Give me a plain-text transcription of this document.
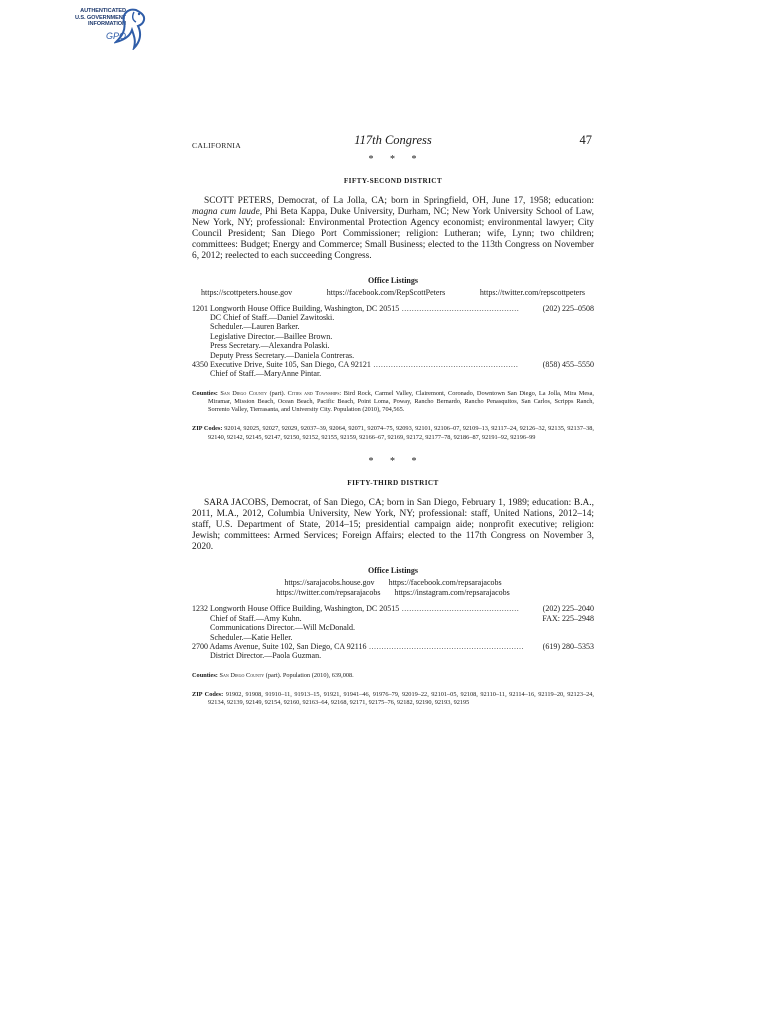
AUTHENTICATED
U.S. GOVERNMENT
INFORMATION
GPO
CALIFORNIA	117th Congress	47
* * *
FIFTY-SECOND DISTRICT

SCOTT PETERS, Democrat, of La Jolla, CA; born in Springfield, OH, June 17, 1958; education: magna cum laude, Phi Beta Kappa, Duke University, Durham, NC; New York University School of Law, New York, NY; professional: Environmental Protection Agency economist; environmental lawyer; City Council President; San Diego Port Commissioner; religion: Lutheran; wife, Lynn; two children; committees: Budget; Energy and Commerce; Small Business; elected to the 113th Congress on November 6, 2012; reelected to each succeeding Congress.

Office Listings
https://scottpeters.house.gov	https://facebook.com/RepScottPeters	https://twitter.com/repscottpeters
1201 Longworth House Office Building, Washington, DC 20515 ...............................................	(202) 225–0508
DC Chief of Staff.—Daniel Zawitoski.
Scheduler.—Lauren Barker.
Legislative Director.—Baillee Brown.
Press Secretary.—Alexandra Polaski.
Deputy Press Secretary.—Daniela Contreras.
4350 Executive Drive, Suite 105, San Diego, CA 92121 ..........................................................	(858) 455–5550
Chief of Staff.—MaryAnne Pintar.

Counties: San Diego County (part). Cities and Townships: Bird Rock, Carmel Valley, Clairemont, Coronado, Downtown San Diego, La Jolla, Mira Mesa, Miramar, Mission Beach, Ocean Beach, Pacific Beach, Point Loma, Poway, Rancho Bernardo, Rancho Penasquitos, San Carlos, Scripps Ranch, Sorrento Valley, Tierrasanta, and University City. Population (2010), 704,565.

ZIP Codes: 92014, 92025, 92027, 92029, 92037–39, 92064, 92071, 92074–75, 92093, 92101, 92106–07, 92109–13, 92117–24, 92126–32, 92135, 92137–38, 92140, 92142, 92145, 92147, 92150, 92152, 92155, 92159, 92166–67, 92169, 92172, 92177–78, 92186–87, 92191–92, 92196–99

* * *
FIFTY-THIRD DISTRICT

SARA JACOBS, Democrat, of San Diego, CA; born in San Diego, February 1, 1989; education: B.A., 2011, M.A., 2012, Columbia University, New York, NY; professional: staff, United Nations, 2012–14; staff, U.S. Department of State, 2014–15; presidential campaign aide; nonprofit executive; religion: Jewish; committees: Armed Services; Foreign Affairs; elected to the 117th Congress on November 3, 2020.

Office Listings
https://sarajacobs.house.gov https://facebook.com/repsarajacobs
https://twitter.com/repsarajacobs https://instagram.com/repsarajacobs
1232 Longworth House Office Building, Washington, DC 20515 ...............................................	(202) 225–2040
Chief of Staff.—Amy Kuhn.	FAX: 225–2948
Communications Director.—Will McDonald.
Scheduler.—Katie Heller.
2700 Adams Avenue, Suite 102, San Diego, CA 92116 ..............................................................	(619) 280–5353
District Director.—Paola Guzman.

Counties: San Diego County (part). Population (2010), 639,008.

ZIP Codes: 91902, 91908, 91910–11, 91913–15, 91921, 91941–46, 91976–79, 92019–22, 92101–05, 92108, 92110–11, 92114–16, 92119–20, 92123–24, 92134, 92139, 92149, 92154, 92160, 92163–64, 92168, 92171, 92175–76, 92182, 92190, 92193, 92195
